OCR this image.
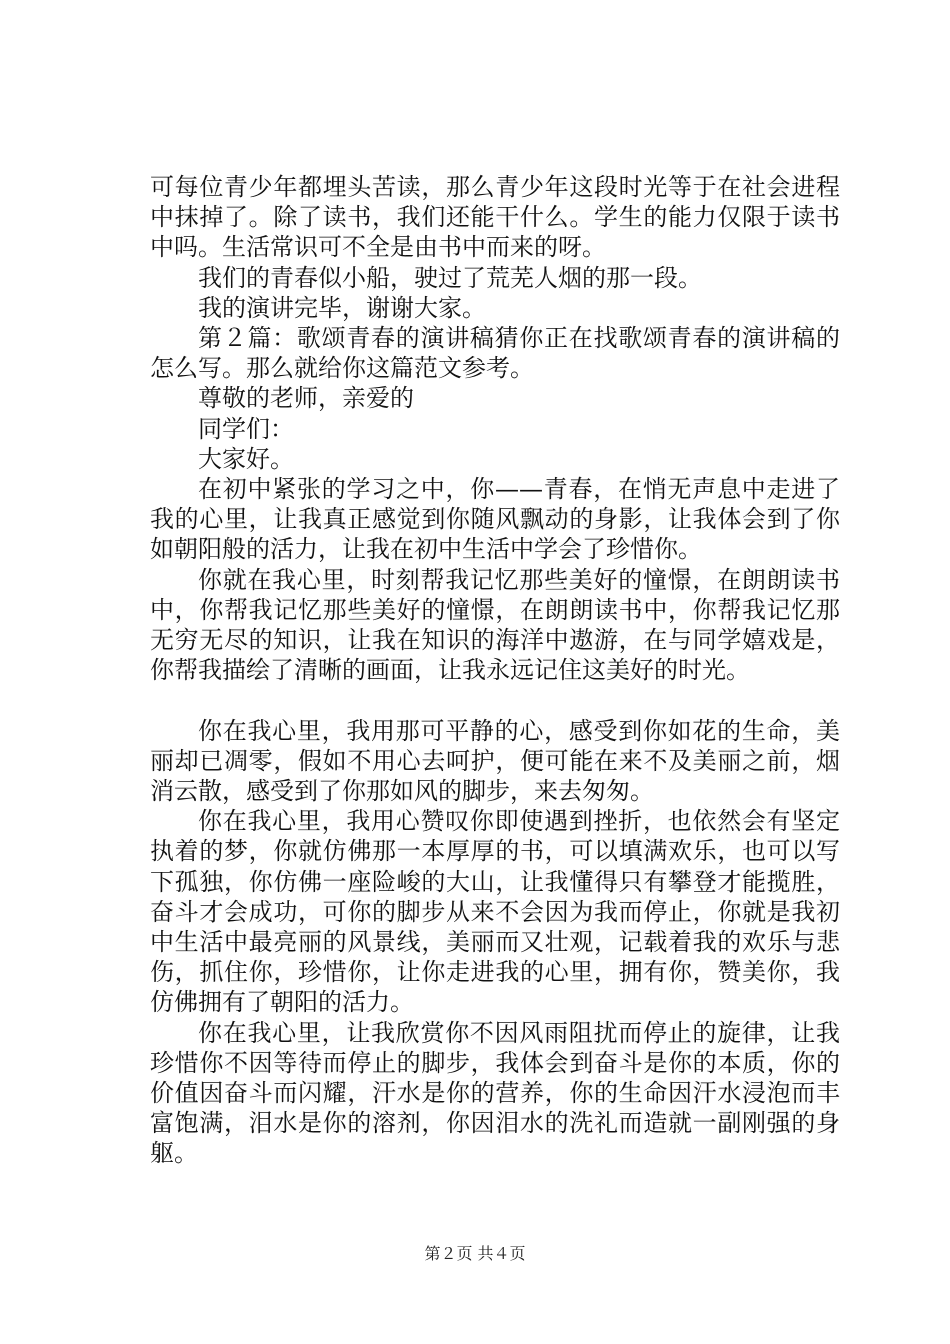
可每位青少年都埋头苦读，那么青少年这段时光等于在社会进程中抹掉了。除了读书，我们还能干什么。学生的能力仅限于读书中吗。生活常识可不全是由书中而来的呀。

我们的青春似小船，驶过了荒芜人烟的那一段。

我的演讲完毕，谢谢大家。

第２篇：歌颂青春的演讲稿猜你正在找歌颂青春的演讲稿的怎么写。那么就给你这篇范文参考。

尊敬的老师，亲爱的

同学们：

大家好。

在初中紧张的学习之中，你——青春，在悄无声息中走进了我的心里，让我真正感觉到你随风飘动的身影，让我体会到了你如朝阳般的活力，让我在初中生活中学会了珍惜你。

你就在我心里，时刻帮我记忆那些美好的憧憬，在朗朗读书中，你帮我记忆那些美好的憧憬，在朗朗读书中，你帮我记忆那无穷无尽的知识，让我在知识的海洋中遨游，在与同学嬉戏是，你帮我描绘了清晰的画面，让我永远记住这美好的时光。

你在我心里，我用那可平静的心，感受到你如花的生命，美丽却已凋零，假如不用心去呵护，便可能在来不及美丽之前，烟消云散，感受到了你那如风的脚步，来去匆匆。

你在我心里，我用心赞叹你即使遇到挫折，也依然会有坚定执着的梦，你就仿佛那一本厚厚的书，可以填满欢乐，也可以写下孤独，你仿佛一座险峻的大山，让我懂得只有攀登才能揽胜，奋斗才会成功，可你的脚步从来不会因为我而停止，你就是我初中生活中最亮丽的风景线，美丽而又壮观，记载着我的欢乐与悲伤，抓住你，珍惜你，让你走进我的心里，拥有你，赞美你，我仿佛拥有了朝阳的活力。

你在我心里，让我欣赏你不因风雨阻扰而停止的旋律，让我珍惜你不因等待而停止的脚步，我体会到奋斗是你的本质，你的价值因奋斗而闪耀，汗水是你的营养，你的生命因汗水浸泡而丰富饱满，泪水是你的溶剂，你因泪水的洗礼而造就一副刚强的身躯。

第２页 共４页
